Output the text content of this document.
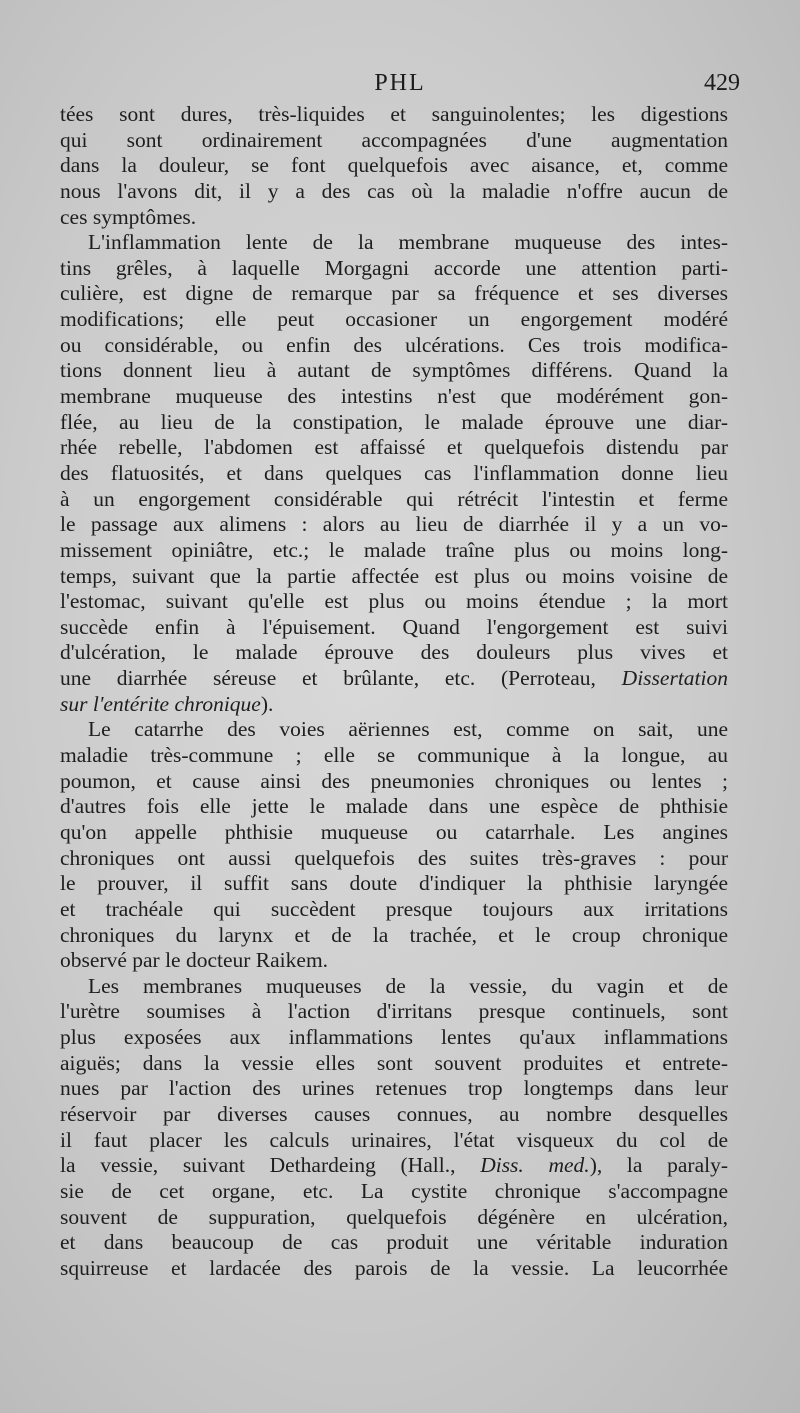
PHL	429
tées sont dures, très-liquides et sanguinolentes; les digestions
qui sont ordinairement accompagnées d'une augmentation
dans la douleur, se font quelquefois avec aisance, et, comme
nous l'avons dit, il y a des cas où la maladie n'offre aucun de
ces symptômes.
L'inflammation lente de la membrane muqueuse des intes-
tins grêles, à laquelle Morgagni accorde une attention parti-
culière, est digne de remarque par sa fréquence et ses diverses
modifications; elle peut occasioner un engorgement modéré
ou considérable, ou enfin des ulcérations. Ces trois modifica-
tions donnent lieu à autant de symptômes différens. Quand la
membrane muqueuse des intestins n'est que modérément gon-
flée, au lieu de la constipation, le malade éprouve une diar-
rhée rebelle, l'abdomen est affaissé et quelquefois distendu par
des flatuosités, et dans quelques cas l'inflammation donne lieu
à un engorgement considérable qui rétrécit l'intestin et ferme
le passage aux alimens : alors au lieu de diarrhée il y a un vo-
missement opiniâtre, etc.; le malade traîne plus ou moins long-
temps, suivant que la partie affectée est plus ou moins voisine de
l'estomac, suivant qu'elle est plus ou moins étendue ; la mort
succède enfin à l'épuisement. Quand l'engorgement est suivi
d'ulcération, le malade éprouve des douleurs plus vives et
une diarrhée séreuse et brûlante, etc. (Perroteau, Dissertation
sur l'entérite chronique).
Le catarrhe des voies aëriennes est, comme on sait, une
maladie très-commune ; elle se communique à la longue, au
poumon, et cause ainsi des pneumonies chroniques ou lentes ;
d'autres fois elle jette le malade dans une espèce de phthisie
qu'on appelle phthisie muqueuse ou catarrhale. Les angines
chroniques ont aussi quelquefois des suites très-graves : pour
le prouver, il suffit sans doute d'indiquer la phthisie laryngée
et trachéale qui succèdent presque toujours aux irritations
chroniques du larynx et de la trachée, et le croup chronique
observé par le docteur Raikem.
Les membranes muqueuses de la vessie, du vagin et de
l'urètre soumises à l'action d'irritans presque continuels, sont
plus exposées aux inflammations lentes qu'aux inflammations
aiguës; dans la vessie elles sont souvent produites et entrete-
nues par l'action des urines retenues trop longtemps dans leur
réservoir par diverses causes connues, au nombre desquelles
il faut placer les calculs urinaires, l'état visqueux du col de
la vessie, suivant Dethardeing (Hall., Diss. med.), la paraly-
sie de cet organe, etc. La cystite chronique s'accompagne
souvent de suppuration, quelquefois dégénère en ulcération,
et dans beaucoup de cas produit une véritable induration
squirreuse et lardacée des parois de la vessie. La leucorrhée
